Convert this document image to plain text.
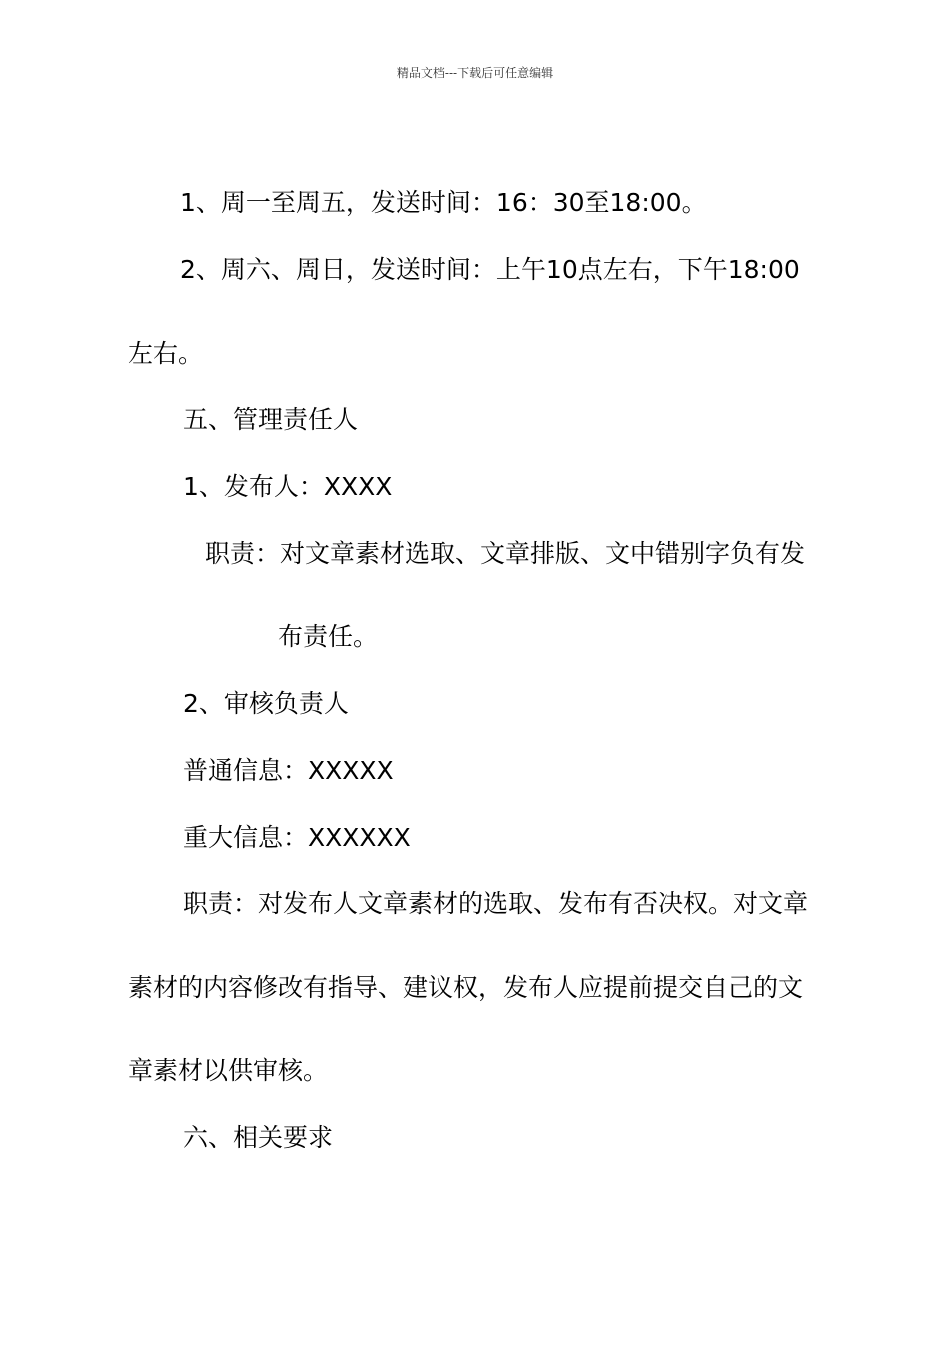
精品文档---下载后可任意编辑
1、周一至周五，发送时间：16：30至18:00。
2、周六、周日，发送时间：上午10点左右，下午18:00
左右。
五、管理责任人
1、发布人：XXXX
职责：对文章素材选取、文章排版、文中错别字负有发
布责任。
2、审核负责人
普通信息：XXXXX
重大信息：XXXXXX
职责：对发布人文章素材的选取、发布有否决权。对文章
素材的内容修改有指导、建议权，发布人应提前提交自己的文
章素材以供审核。
六、相关要求
